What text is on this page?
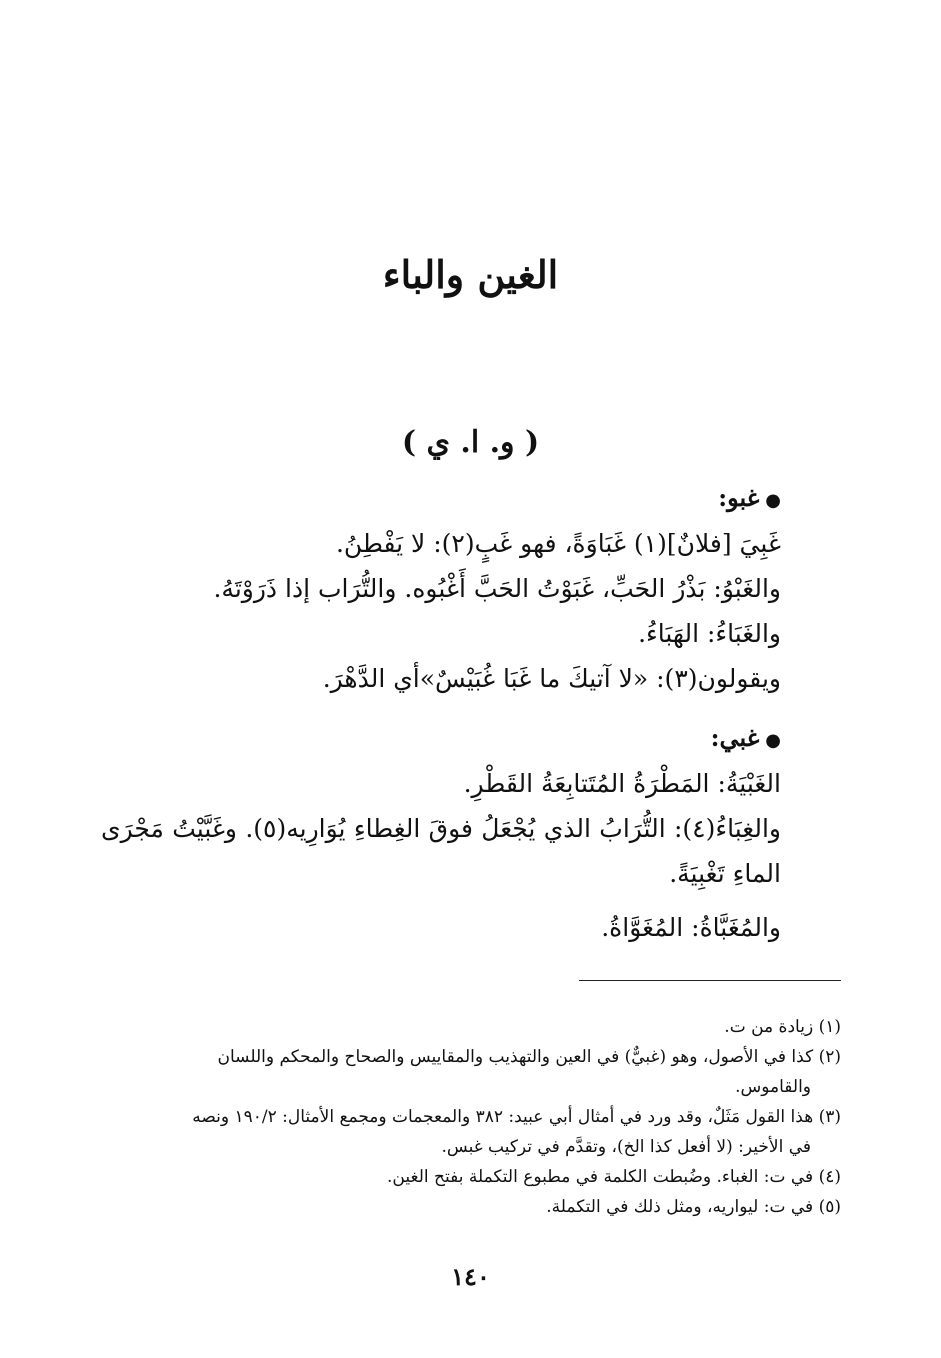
الغين والباء
( و. ا. ي )
●غبو:
غَبِيَ [فلانٌ](١) غَبَاوَةً، فهو غَبٍ(٢): لا يَفْطِنُ.
والغَبْوُ: بَذْرُ الحَبِّ، غَبَوْتُ الحَبَّ أَغْبُوه. والتُّرَاب إذا ذَرَوْتَهُ.
والغَبَاءُ: الهَبَاءُ.
ويقولون(٣): «لا آتيكَ ما غَبَا غُبَيْسٌ»أي الدَّهْرَ.
●غبي:
الغَبْيَةُ: المَطْرَةُ المُتَتابِعَةُ القَطْرِ.
والغِبَاءُ(٤): التُّرَابُ الذي يُجْعَلُ فوقَ الغِطاءِ يُوَارِيه(٥). وغَبَّيْتُ مَجْرَى الماءِ تَغْبِيَةً.
والمُغَبَّاةُ: المُغَوَّاةُ.

(١) زيادة من ت.

(٢) كذا في الأصول، وهو (غبيٌّ) في العين والتهذيب والمقاييس والصحاح والمحكم واللسان
والقاموس.

(٣) هذا القول مَثَلٌ، وقد ورد في أمثال أبي عبيد: ٣٨٢ والمعجمات ومجمع الأمثال: ١٩٠/٢ ونصه
في الأخير: (لا أفعل كذا الخ)، وتقدَّم في تركيب غبس.

(٤) في ت: الغباء. وضُبطت الكلمة في مطبوع التكملة بفتح الغين.

(٥) في ت: ليواريه، ومثل ذلك في التكملة.

١٤٠
